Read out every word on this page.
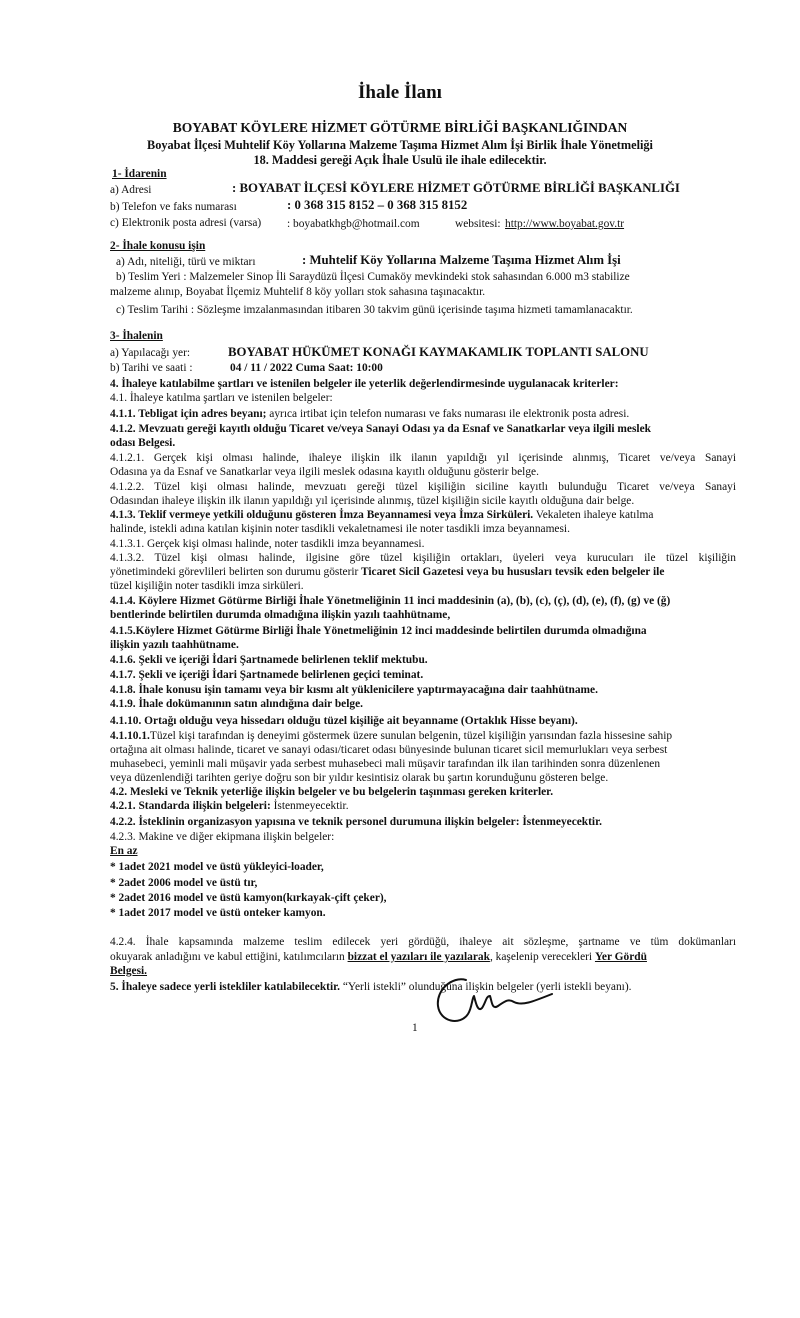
İhale İlanı
BOYABAT KÖYLERE HİZMET GÖTÜRME BİRLİĞİ BAŞKANLIĞINDAN
Boyabat İlçesi Muhtelif Köy Yollarına Malzeme Taşıma Hizmet Alım İşi Birlik İhale Yönetmeliği
18. Maddesi gereği Açık İhale Usulü ile ihale edilecektir.
1- İdarenin
a) Adresi	: BOYABAT İLÇESİ KÖYLERE HİZMET GÖTÜRME BİRLİĞİ BAŞKANLIĞI
b) Telefon ve faks numarası	: 0 368 315 8152 – 0 368 315 8152
c) Elektronik posta adresi (varsa) : boyabatkhgb@hotmail.com	websitesi: http://www.boyabat.gov.tr
2- İhale konusu işin
a) Adı, niteliği, türü ve miktarı	: Muhtelif Köy Yollarına Malzeme Taşıma Hizmet Alım İşi
b) Teslim Yeri : Malzemeler Sinop İli Saraydüzü İlçesi Cumaköy mevkindeki stok sahasından 6.000 m3 stabilize
malzeme alınıp, Boyabat İlçemiz Muhtelif 8 köy yolları stok sahasına taşınacaktır.
c) Teslim Tarihi : Sözleşme imzalanmasından itibaren 30 takvim günü içerisinde taşıma hizmeti tamamlanacaktır.
3- İhalenin
a) Yapılacağı yer:	BOYABAT HÜKÜMET KONAĞI KAYMAKAMLIK TOPLANTI SALONU
b) Tarihi ve saati :	04 / 11 / 2022 Cuma Saat: 10:00
4. İhaleye katılabilme şartları ve istenilen belgeler ile yeterlik değerlendirmesinde uygulanacak kriterler:
4.1. İhaleye katılma şartları ve istenilen belgeler:
4.1.1. Tebligat için adres beyanı; ayrıca irtibat için telefon numarası ve faks numarası ile elektronik posta adresi.
4.1.2. Mevzuatı gereği kayıtlı olduğu Ticaret ve/veya Sanayi Odası ya da Esnaf ve Sanatkarlar veya ilgili meslek
odası Belgesi.
4.1.2.1. Gerçek kişi olması halinde, ihaleye ilişkin ilk ilanın yapıldığı yıl içerisinde alınmış, Ticaret ve/veya Sanayi
Odasına ya da Esnaf ve Sanatkarlar veya ilgili meslek odasına kayıtlı olduğunu gösterir belge.
4.1.2.2. Tüzel kişi olması halinde, mevzuatı gereği tüzel kişiliğin siciline kayıtlı bulunduğu Ticaret ve/veya Sanayi
Odasından ihaleye ilişkin ilk ilanın yapıldığı yıl içerisinde alınmış, tüzel kişiliğin sicile kayıtlı olduğuna dair belge.
4.1.3. Teklif vermeye yetkili olduğunu gösteren İmza Beyannamesi veya İmza Sirküleri. Vekaleten ihaleye katılma
halinde, istekli adına katılan kişinin noter tasdikli vekaletnamesi ile noter tasdikli imza beyannamesi.
4.1.3.1. Gerçek kişi olması halinde, noter tasdikli imza beyannamesi.
4.1.3.2. Tüzel kişi olması halinde, ilgisine göre tüzel kişiliğin ortakları, üyeleri veya kurucuları ile tüzel kişiliğin
yönetimindeki görevlileri belirten son durumu gösterir Ticaret Sicil Gazetesi veya bu hususları tevsik eden belgeler ile
tüzel kişiliğin noter tasdikli imza sirküleri.
4.1.4. Köylere Hizmet Götürme Birliği İhale Yönetmeliğinin 11 inci maddesinin (a), (b), (c), (ç), (d), (e), (f), (g) ve (ğ)
bentlerinde belirtilen durumda olmadığına ilişkin yazılı taahhütname,
4.1.5.Köylere Hizmet Götürme Birliği İhale Yönetmeliğinin 12 inci maddesinde belirtilen durumda olmadığına
ilişkin yazılı taahhütname.
4.1.6. Şekli ve içeriği İdari Şartnamede belirlenen teklif mektubu.
4.1.7. Şekli ve içeriği İdari Şartnamede belirlenen geçici teminat.
4.1.8. İhale konusu işin tamamı veya bir kısmı alt yüklenicilere yaptırmayacağına dair taahhütname.
4.1.9. İhale dokümanının satın alındığına dair belge.
4.1.10. Ortağı olduğu veya hissedarı olduğu tüzel kişiliğe ait beyanname (Ortaklık Hisse beyanı).
4.1.10.1.Tüzel kişi tarafından iş deneyimi göstermek üzere sunulan belgenin, tüzel kişiliğin yarısından fazla hissesine sahip
ortağına ait olması halinde, ticaret ve sanayi odası/ticaret odası bünyesinde bulunan ticaret sicil memurlukları veya serbest
muhasebeci, yeminli mali müşavir yada serbest muhasebeci mali müşavir tarafından ilk ilan tarihinden sonra düzenlenen
veya düzenlendiği tarihten geriye doğru son bir yıldır kesintisiz olarak bu şartın korunduğunu gösteren belge.
4.2. Mesleki ve Teknik yeterliğe ilişkin belgeler ve bu belgelerin taşınması gereken kriterler.
4.2.1. Standarda ilişkin belgeleri: İstenmeyecektir.
4.2.2. İsteklinin organizasyon yapısına ve teknik personel durumuna ilişkin belgeler: İstenmeyecektir.
4.2.3. Makine ve diğer ekipmana ilişkin belgeler:
En az
* 1adet 2021 model ve üstü yükleyici-loader,
* 2adet 2006 model ve üstü tır,
* 2adet 2016 model ve üstü kamyon(kırkayak-çift çeker),
* 1adet 2017 model ve üstü onteker kamyon.
4.2.4. İhale kapsamında malzeme teslim edilecek yeri gördüğü, ihaleye ait sözleşme, şartname ve tüm dokümanları
okuyarak anladığını ve kabul ettiğini, katılımcıların bizzat el yazıları ile yazılarak, kaşelenip verecekleri Yer Gördü
Belgesi.
5. İhaleye sadece yerli istekliler katılabilecektir. “Yerli istekli” olunduğuna ilişkin belgeler (yerli istekli beyanı).
1
